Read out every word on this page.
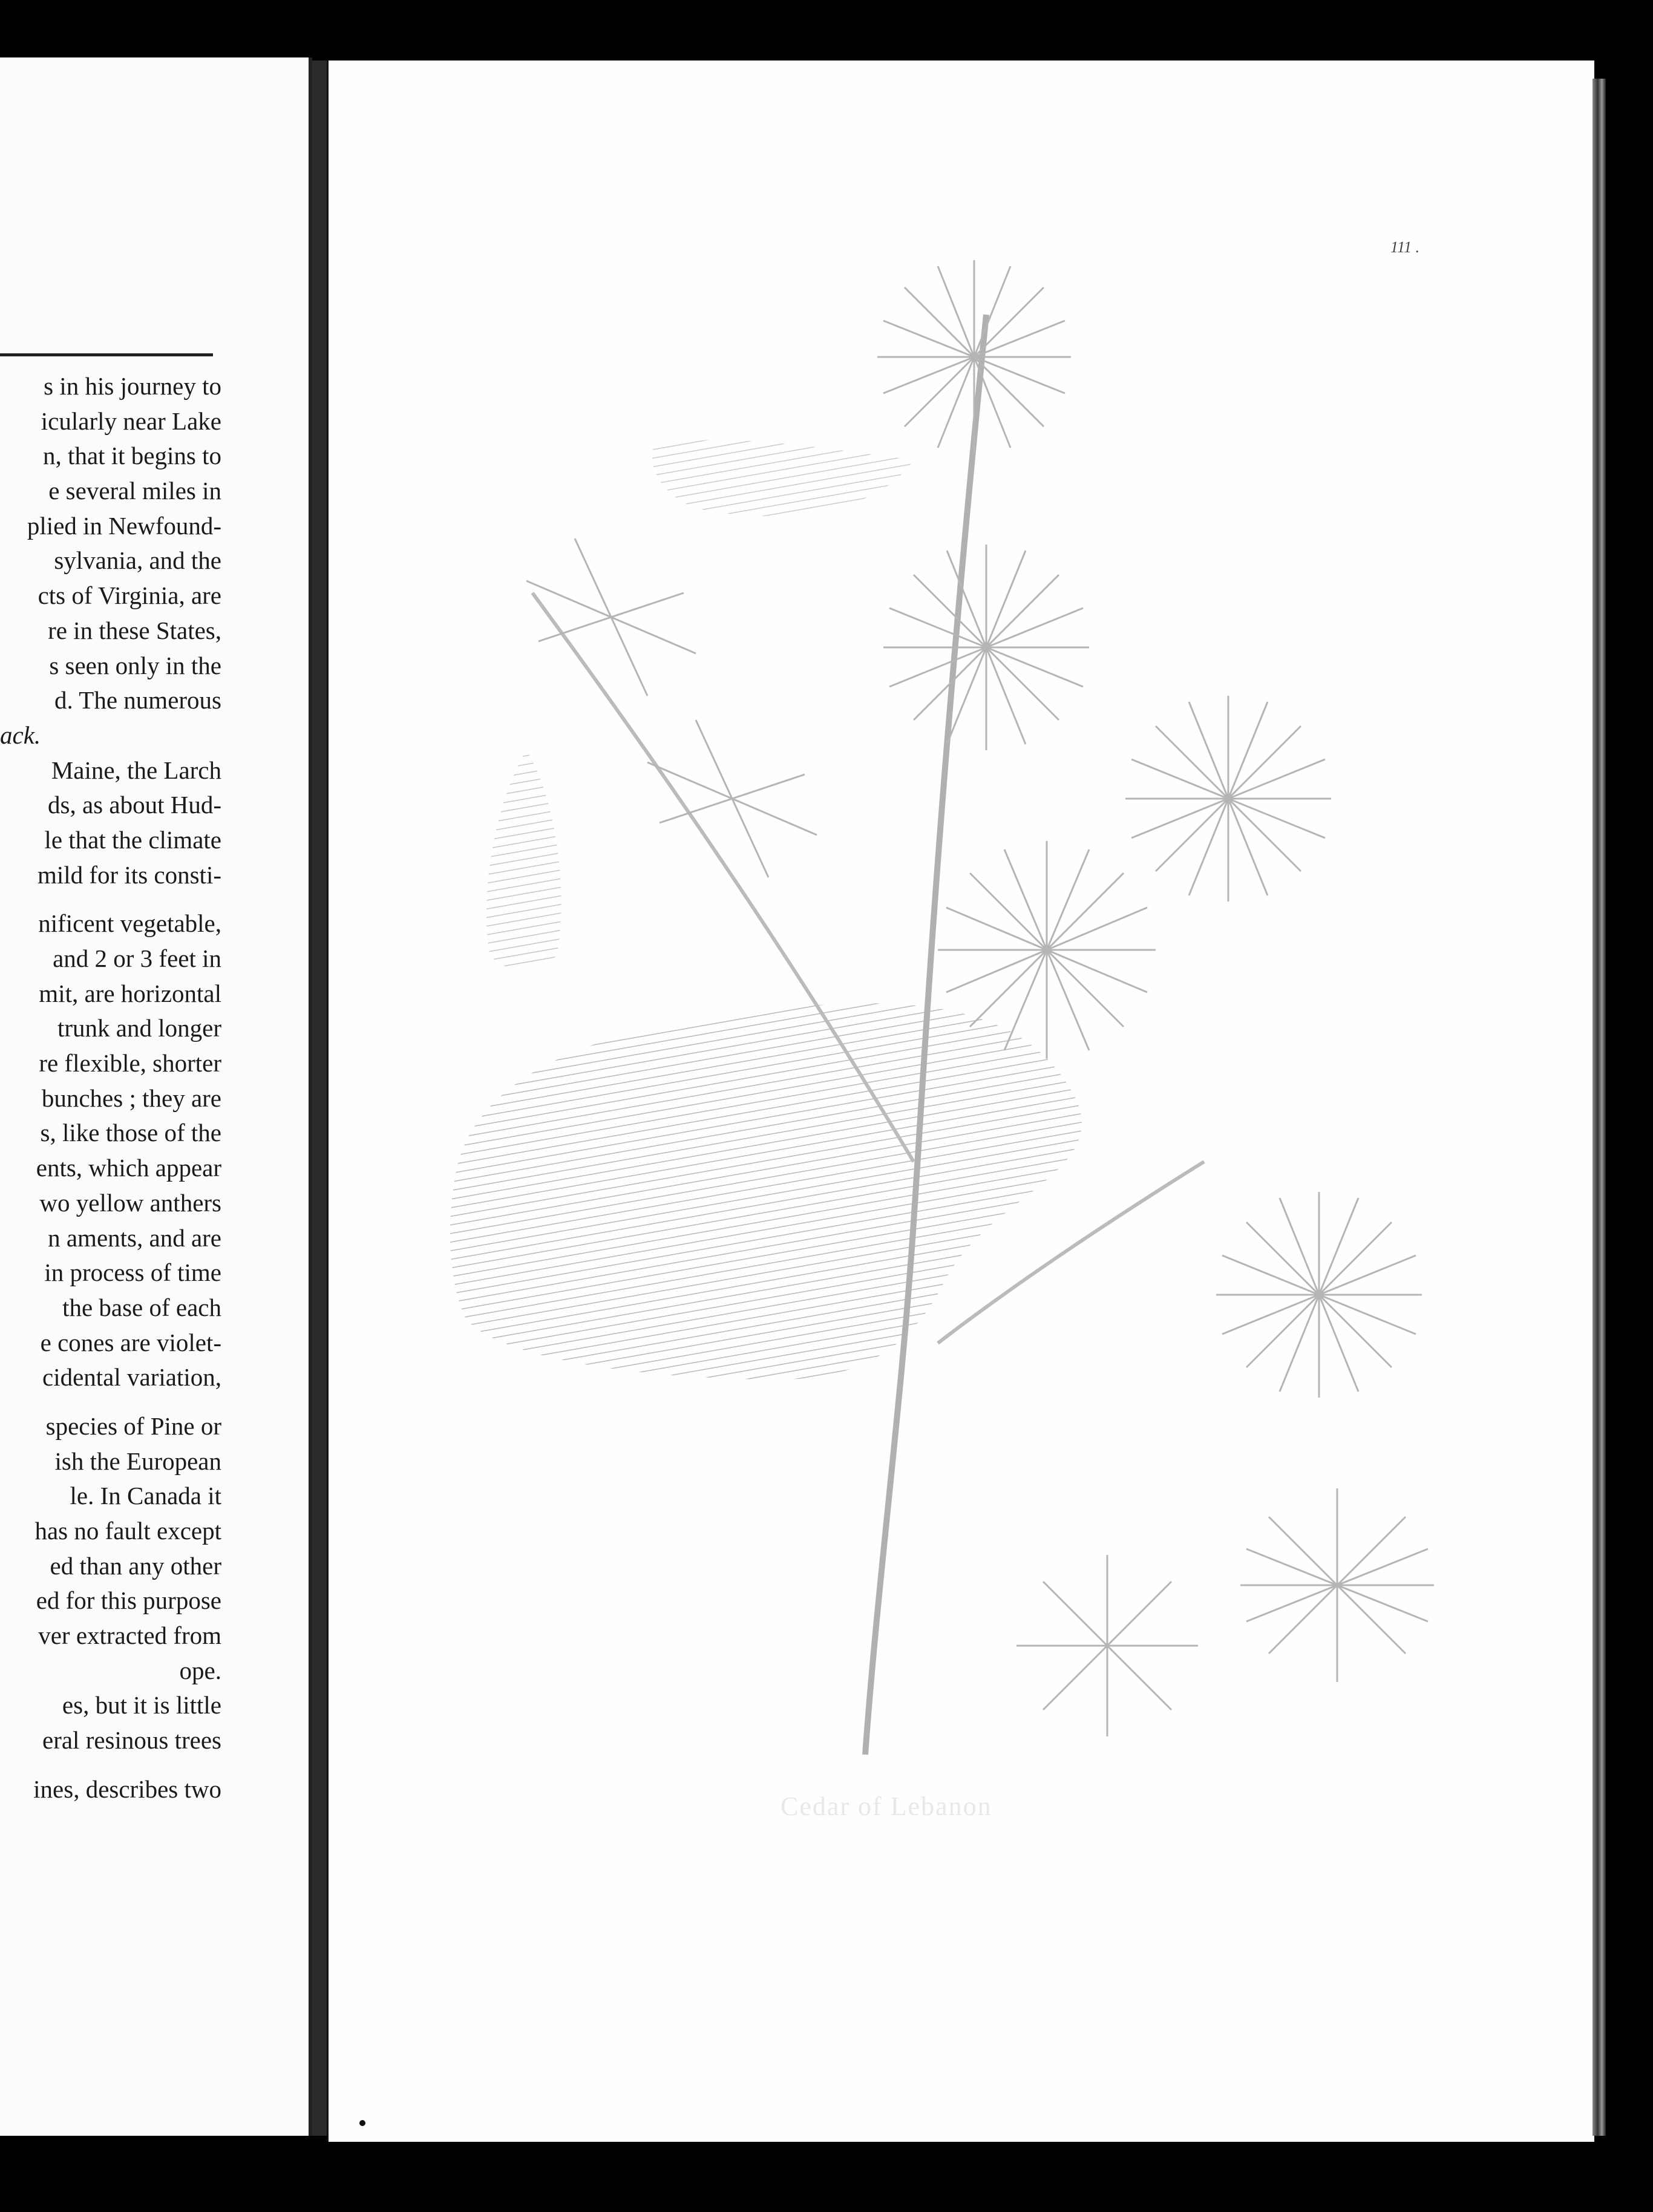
s in his journey to
icularly near Lake
n, that it begins to
e several miles in
plied in Newfound-
sylvania, and the
cts of Virginia, are
re in these States,
s seen only in the
d. The numerous
ack.
Maine, the Larch
ds, as about Hud-
le that the climate
mild for its consti-
nificent vegetable,
and 2 or 3 feet in
mit, are horizontal
trunk and longer
re flexible, shorter
bunches ; they are
s, like those of the
ents, which appear
wo yellow anthers
n aments, and are
in process of time
the base of each
e cones are violet-
cidental variation,
species of Pine or
ish the European
le. In Canada it
has no fault except
ed than any other
ed for this purpose
ver extracted from
ope.
es, but it is little
eral resinous trees
ines, describes two
111 .
Cedar of Lebanon
